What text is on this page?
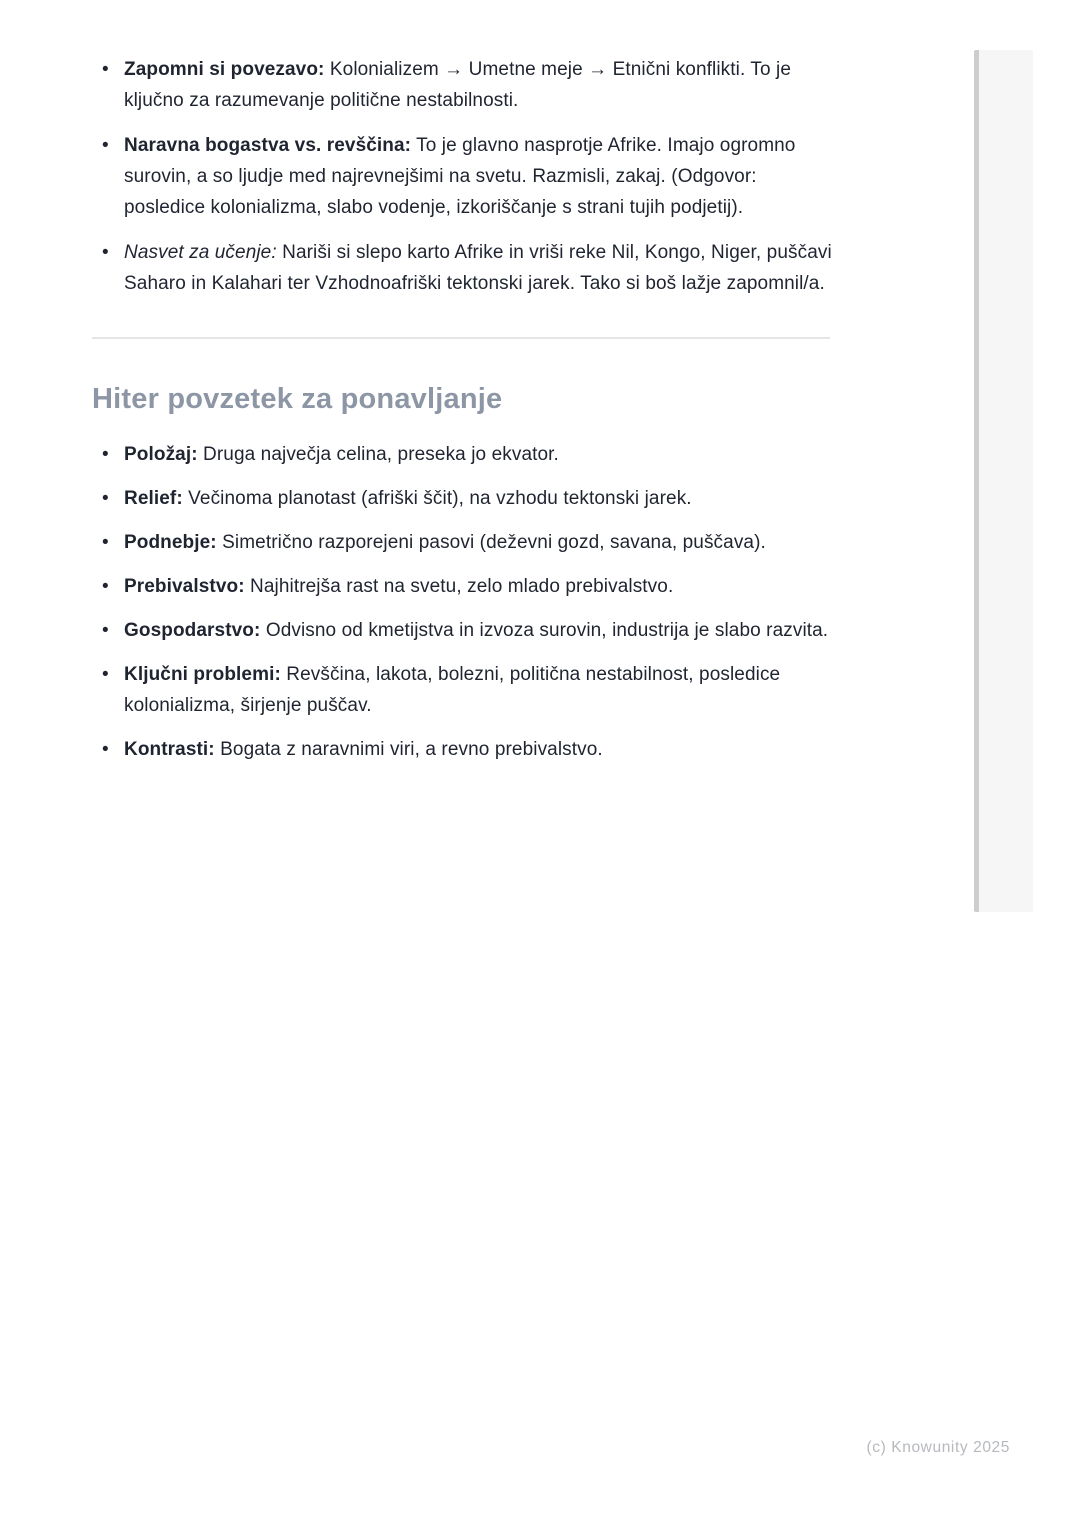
• Zapomni si povezavo: Kolonializem → Umetne meje → Etnični konflikti. To je ključno za razumevanje politične nestabilnosti.
• Naravna bogastva vs. revščina: To je glavno nasprotje Afrike. Imajo ogromno surovin, a so ljudje med najrevnejšimi na svetu. Razmisli, zakaj. (Odgovor: posledice kolonializma, slabo vodenje, izkoriščanje s strani tujih podjetij).
• Nasvet za učenje: Nariši si slepo karto Afrike in vriši reke Nil, Kongo, Niger, puščavi Saharo in Kalahari ter Vzhodnoafriški tektonski jarek. Tako si boš lažje zapomnil/a.
Hiter povzetek za ponavljanje
• Položaj: Druga največja celina, preseka jo ekvator.
• Relief: Večinoma planotast (afriški ščit), na vzhodu tektonski jarek.
• Podnebje: Simetrično razporejeni pasovi (deževni gozd, savana, puščava).
• Prebivalstvo: Najhitrejša rast na svetu, zelo mlado prebivalstvo.
• Gospodarstvo: Odvisno od kmetijstva in izvoza surovin, industrija je slabo razvita.
• Ključni problemi: Revščina, lakota, bolezni, politična nestabilnost, posledice kolonializma, širjenje puščav.
• Kontrasti: Bogata z naravnimi viri, a revno prebivalstvo.
(c) Knowunity 2025
